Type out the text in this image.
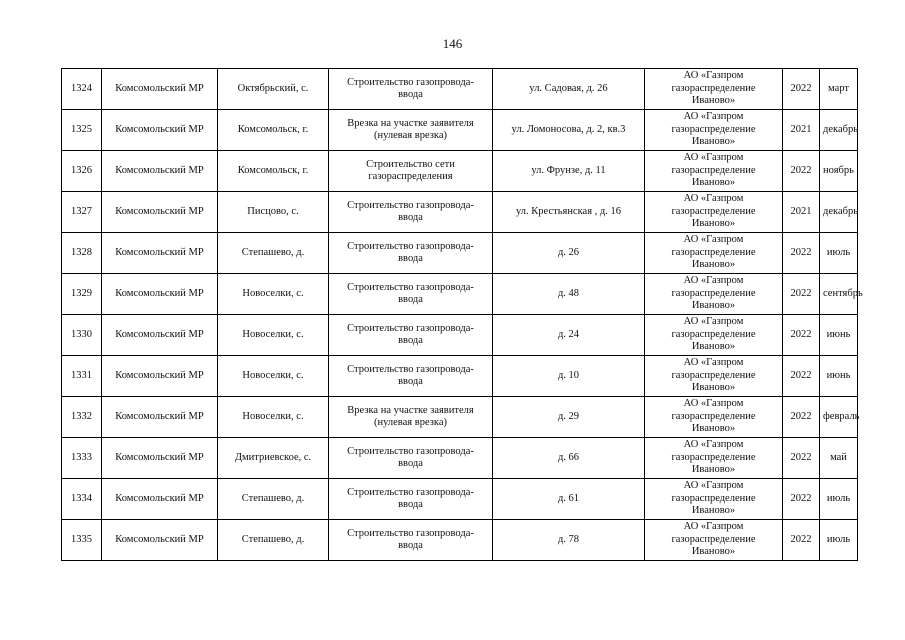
146
1324	Комсомольский МР	Октябрьский, с.	Строительство газопровода-
ввода	ул. Садовая, д. 26	АО «Газпром
газораспределение
Иваново»	2022	март
1325	Комсомольский МР	Комсомольск, г.	Врезка на участке заявителя
(нулевая врезка)	ул. Ломоносова, д. 2, кв.3	АО «Газпром
газораспределение
Иваново»	2021	декабрь
1326	Комсомольский МР	Комсомольск, г.	Строительство сети
газораспределения	ул. Фрунзе, д. 11	АО «Газпром
газораспределение
Иваново»	2022	ноябрь
1327	Комсомольский МР	Писцово, с.	Строительство газопровода-
ввода	ул. Крестьянская , д. 16	АО «Газпром
газораспределение
Иваново»	2021	декабрь
1328	Комсомольский МР	Степашево, д.	Строительство газопровода-
ввода	д. 26	АО «Газпром
газораспределение
Иваново»	2022	июль
1329	Комсомольский МР	Новоселки, с.	Строительство газопровода-
ввода	д. 48	АО «Газпром
газораспределение
Иваново»	2022	сентябрь
1330	Комсомольский МР	Новоселки, с.	Строительство газопровода-
ввода	д. 24	АО «Газпром
газораспределение
Иваново»	2022	июнь
1331	Комсомольский МР	Новоселки, с.	Строительство газопровода-
ввода	д. 10	АО «Газпром
газораспределение
Иваново»	2022	июнь
1332	Комсомольский МР	Новоселки, с.	Врезка на участке заявителя
(нулевая врезка)	д. 29	АО «Газпром
газораспределение
Иваново»	2022	февраль
1333	Комсомольский МР	Дмитриевское, с.	Строительство газопровода-
ввода	д. 66	АО «Газпром
газораспределение
Иваново»	2022	май
1334	Комсомольский МР	Степашево, д.	Строительство газопровода-
ввода	д. 61	АО «Газпром
газораспределение
Иваново»	2022	июль
1335	Комсомольский МР	Степашево, д.	Строительство газопровода-
ввода	д. 78	АО «Газпром
газораспределение
Иваново»	2022	июль
